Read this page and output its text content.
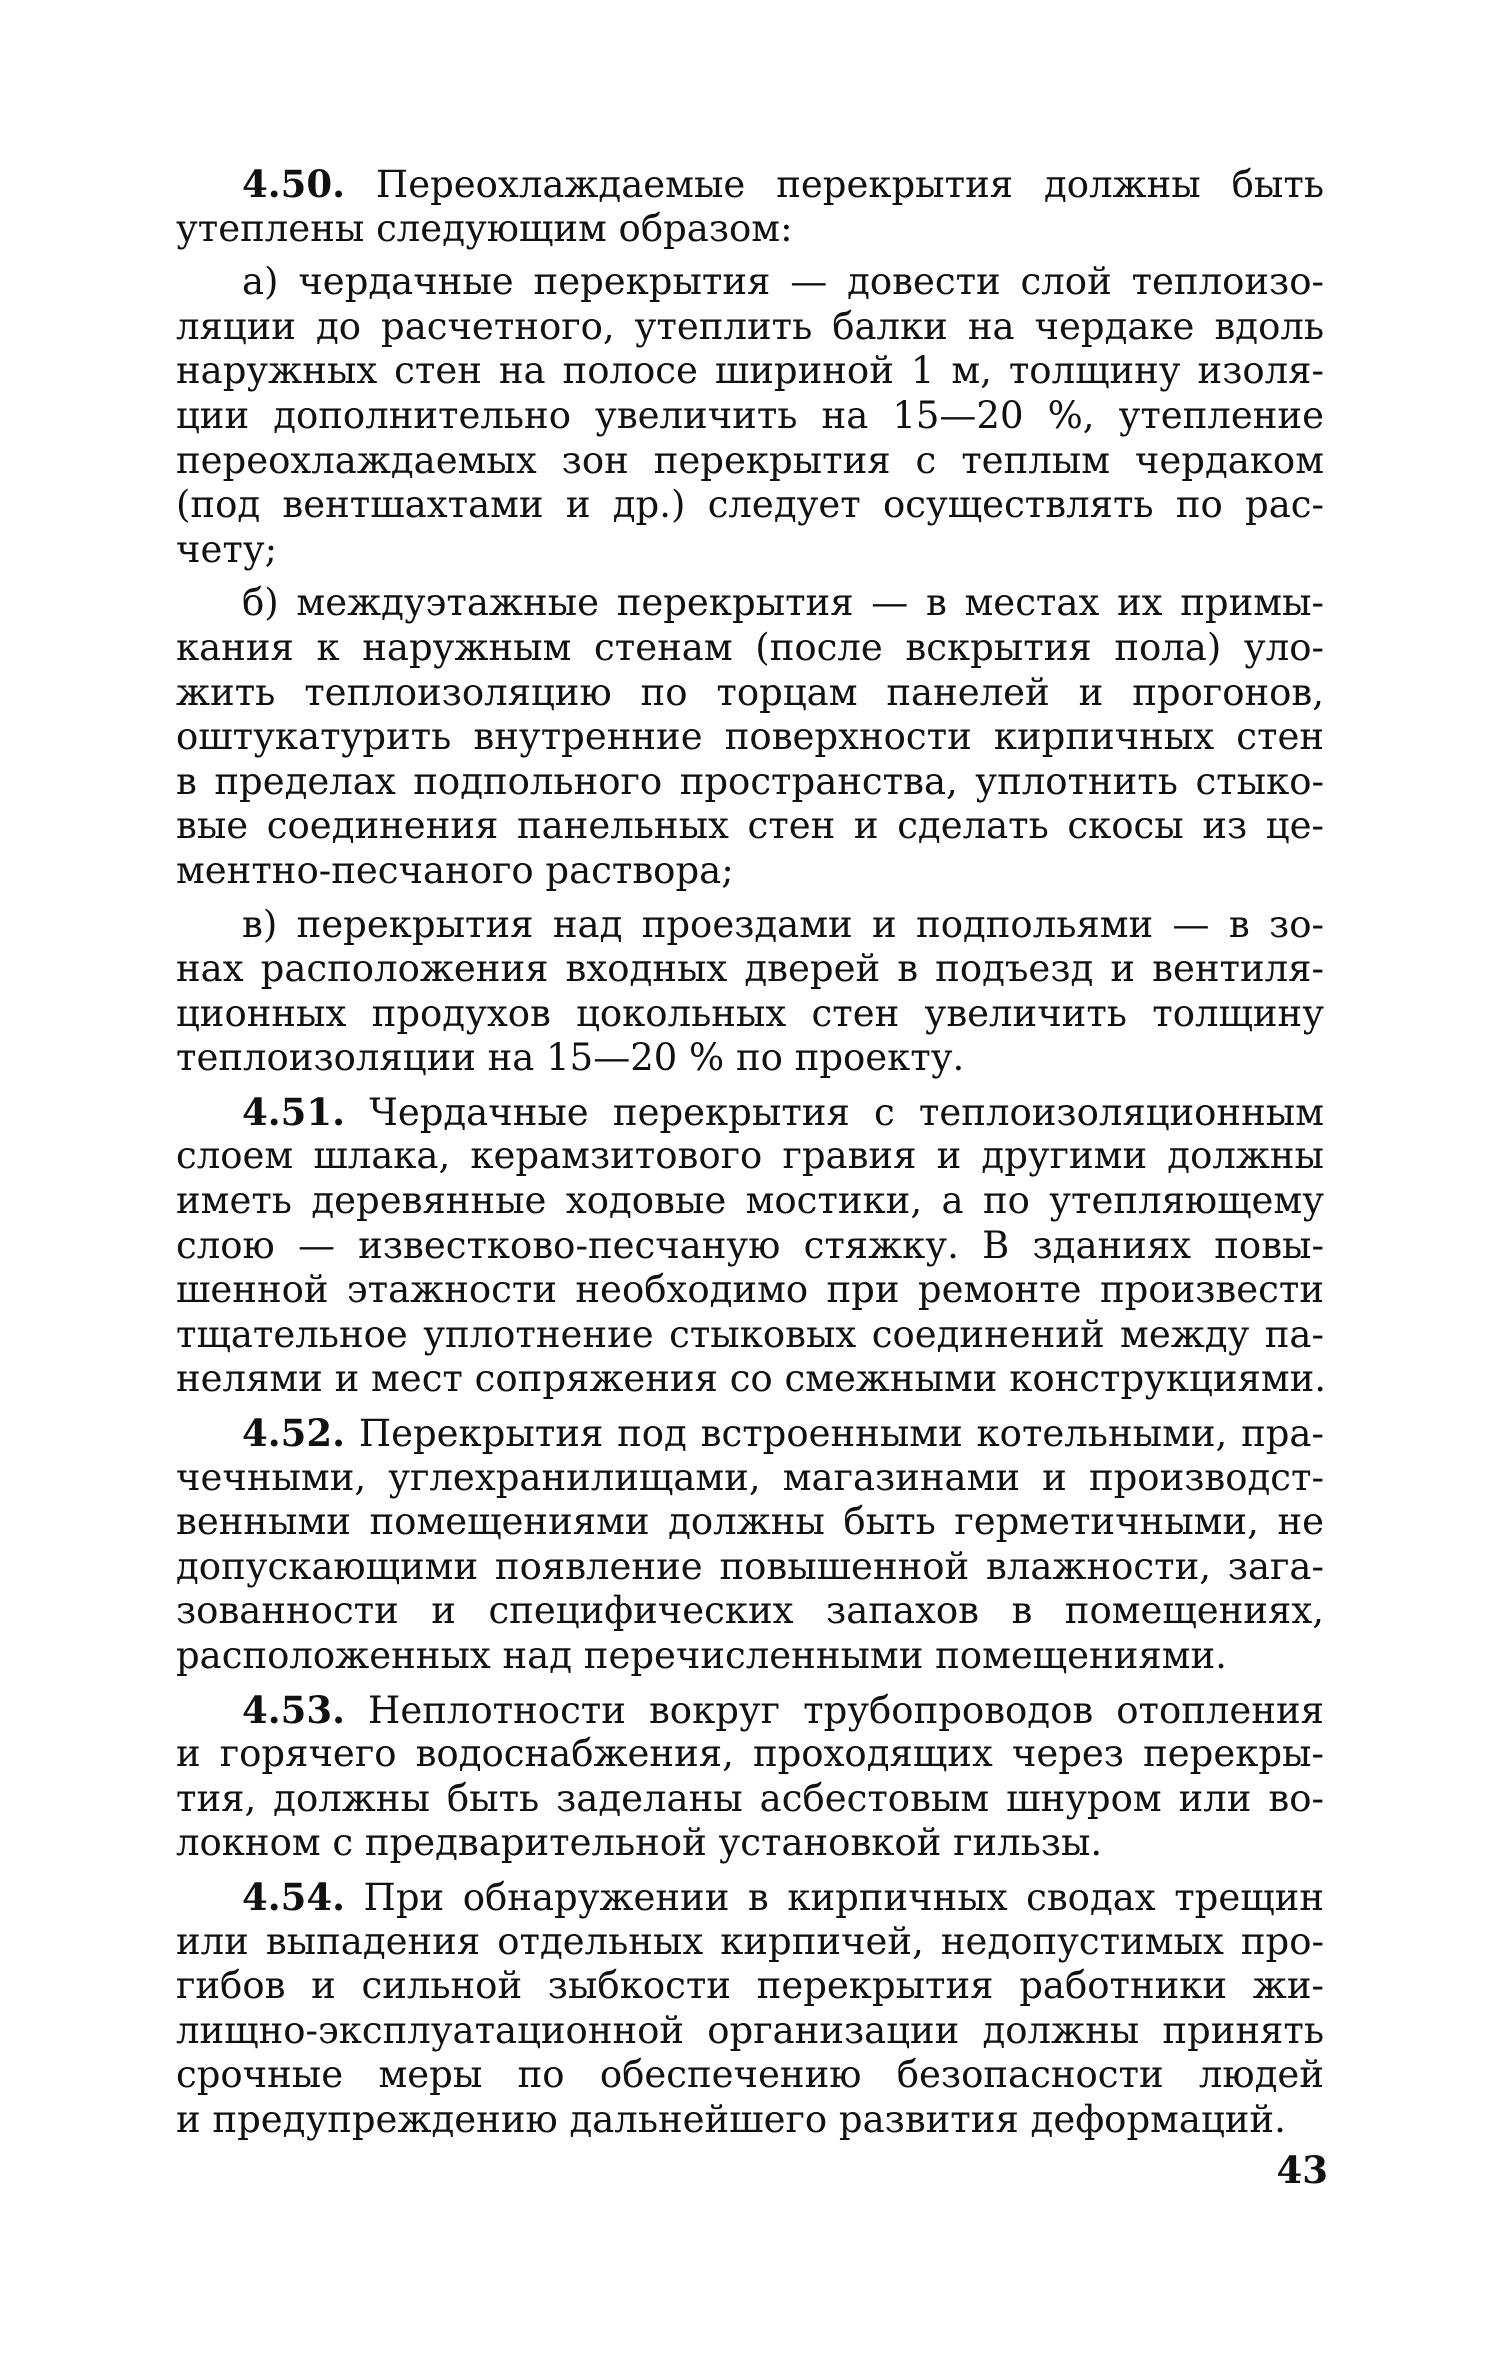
4.50. Переохлаждаемые перекрытия должны быть
утеплены следующим образом:
а) чердачные перекрытия — довести слой теплоизо-
ляции до расчетного, утеплить балки на чердаке вдоль
наружных стен на полосе шириной 1 м, толщину изоля-
ции дополнительно увеличить на 15—20 %, утепление
переохлаждаемых зон перекрытия с теплым чердаком
(под вентшахтами и др.) следует осуществлять по рас-
чету;
б) междуэтажные перекрытия — в местах их примы-
кания к наружным стенам (после вскрытия пола) уло-
жить теплоизоляцию по торцам панелей и прогонов,
оштукатурить внутренние поверхности кирпичных стен
в пределах подпольного пространства, уплотнить стыко-
вые соединения панельных стен и сделать скосы из це-
ментно-песчаного раствора;
в) перекрытия над проездами и подпольями — в зо-
нах расположения входных дверей в подъезд и вентиля-
ционных продухов цокольных стен увеличить толщину
теплоизоляции на 15—20 % по проекту.
4.51. Чердачные перекрытия с теплоизоляционным
слоем шлака, керамзитового гравия и другими должны
иметь деревянные ходовые мостики, а по утепляющему
слою — известково-песчаную стяжку. В зданиях повы-
шенной этажности необходимо при ремонте произвести
тщательное уплотнение стыковых соединений между па-
нелями и мест сопряжения со смежными конструкциями.
4.52. Перекрытия под встроенными котельными, пра-
чечными, углехранилищами, магазинами и производст-
венными помещениями должны быть герметичными, не
допускающими появление повышенной влажности, зага-
зованности и специфических запахов в помещениях,
расположенных над перечисленными помещениями.
4.53. Неплотности вокруг трубопроводов отопления
и горячего водоснабжения, проходящих через перекры-
тия, должны быть заделаны асбестовым шнуром или во-
локном с предварительной установкой гильзы.
4.54. При обнаружении в кирпичных сводах трещин
или выпадения отдельных кирпичей, недопустимых про-
гибов и сильной зыбкости перекрытия работники жи-
лищно-эксплуатационной организации должны принять
срочные меры по обеспечению безопасности людей
и предупреждению дальнейшего развития деформаций.
43
